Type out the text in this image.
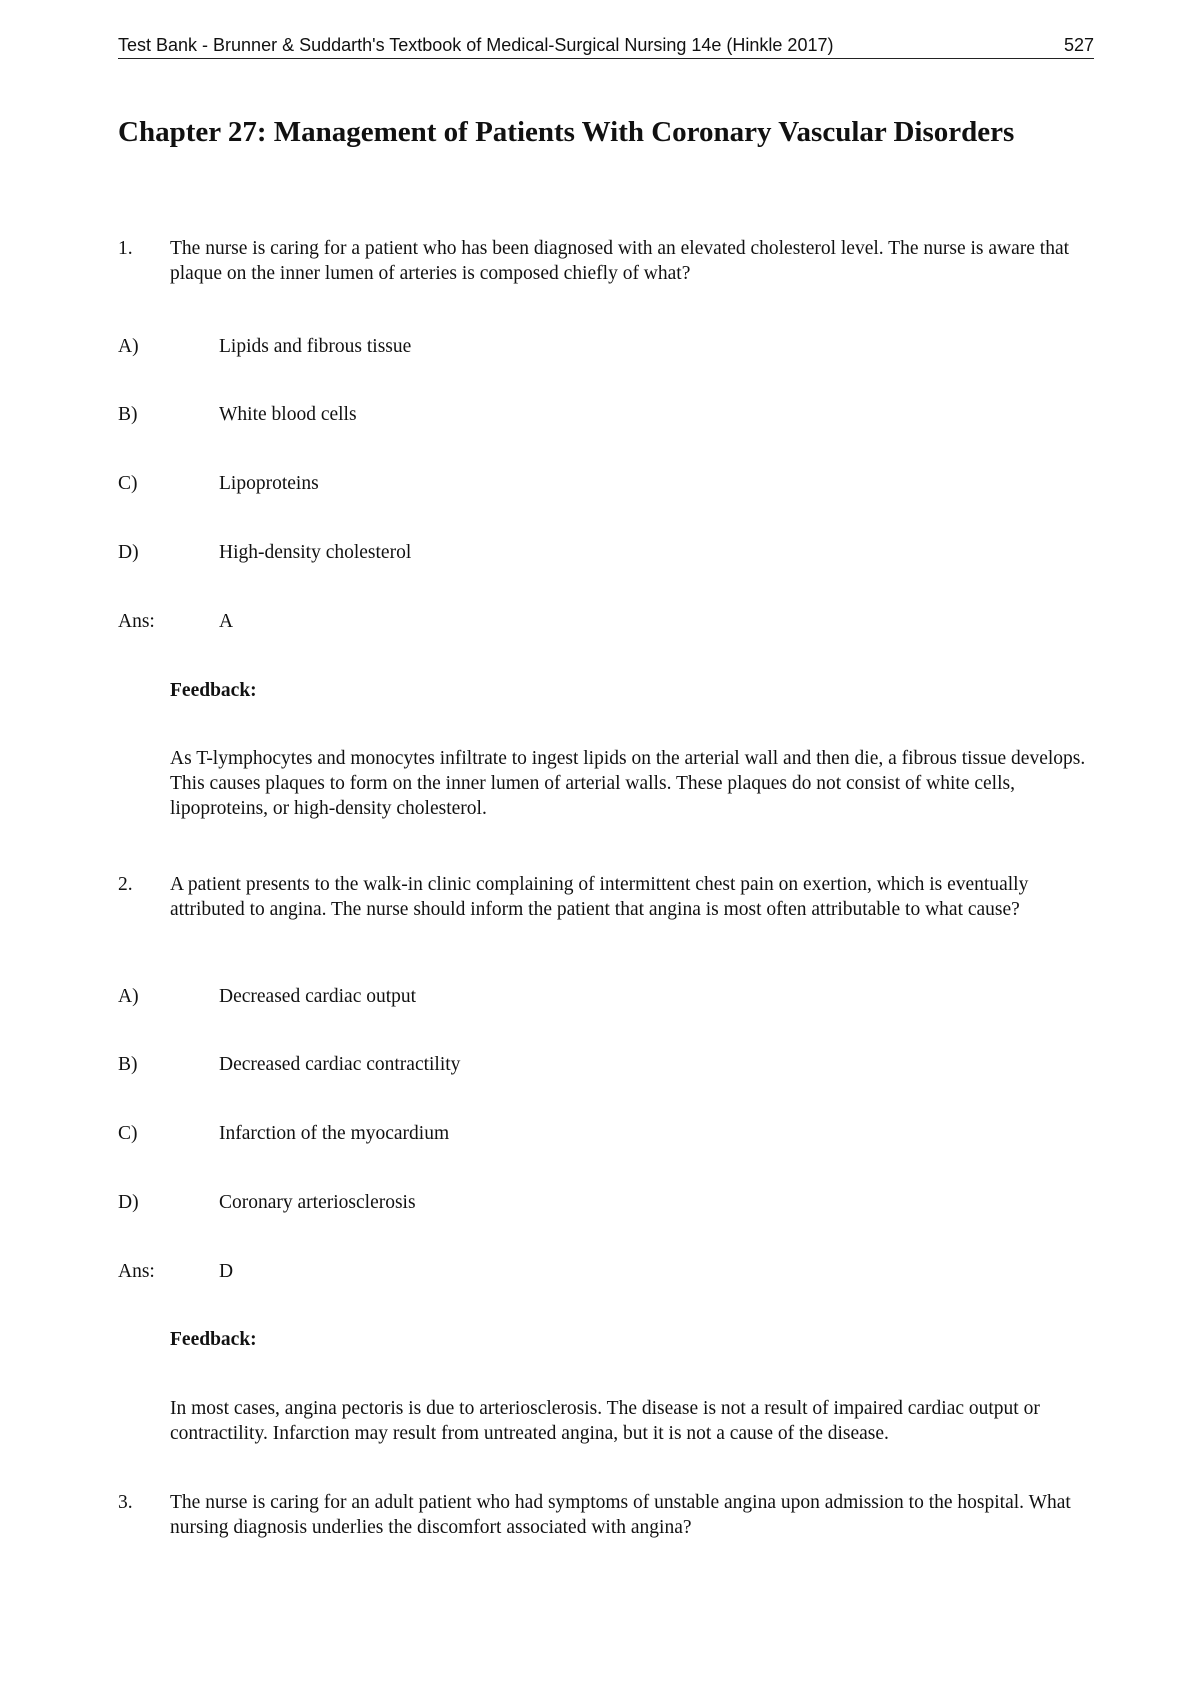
Test Bank - Brunner & Suddarth's Textbook of Medical-Surgical Nursing 14e (Hinkle 2017)	527
Chapter 27: Management of Patients With Coronary Vascular Disorders
1.	The nurse is caring for a patient who has been diagnosed with an elevated cholesterol level. The nurse is aware that plaque on the inner lumen of arteries is composed chiefly of what?
A)	Lipids and fibrous tissue
B)	White blood cells
C)	Lipoproteins
D)	High-density cholesterol
Ans:	A
Feedback:
As T-lymphocytes and monocytes infiltrate to ingest lipids on the arterial wall and then die, a fibrous tissue develops. This causes plaques to form on the inner lumen of arterial walls. These plaques do not consist of white cells, lipoproteins, or high-density cholesterol.
2.	A patient presents to the walk-in clinic complaining of intermittent chest pain on exertion, which is eventually attributed to angina. The nurse should inform the patient that angina is most often attributable to what cause?
A)	Decreased cardiac output
B)	Decreased cardiac contractility
C)	Infarction of the myocardium
D)	Coronary arteriosclerosis
Ans:	D
Feedback:
In most cases, angina pectoris is due to arteriosclerosis. The disease is not a result of impaired cardiac output or contractility. Infarction may result from untreated angina, but it is not a cause of the disease.
3.	The nurse is caring for an adult patient who had symptoms of unstable angina upon admission to the hospital. What nursing diagnosis underlies the discomfort associated with angina?
